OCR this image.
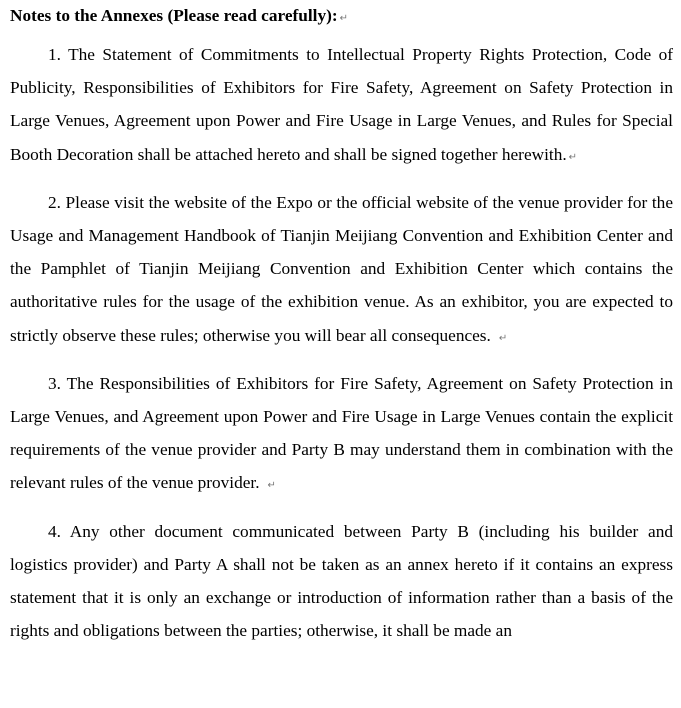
Notes to the Annexes (Please read carefully): ↵

1. The Statement of Commitments to Intellectual Property Rights Protection, Code of Publicity, Responsibilities of Exhibitors for Fire Safety, Agreement on Safety Protection in Large Venues, Agreement upon Power and Fire Usage in Large Venues, and Rules for Special Booth Decoration shall be attached hereto and shall be signed together herewith. ↵

2. Please visit the website of the Expo or the official website of the venue provider for the Usage and Management Handbook of Tianjin Meijiang Convention and Exhibition Center and the Pamphlet of Tianjin Meijiang Convention and Exhibition Center which contains the authoritative rules for the usage of the exhibition venue. As an exhibitor, you are expected to strictly observe these rules; otherwise you will bear all consequences. ↵

3. The Responsibilities of Exhibitors for Fire Safety, Agreement on Safety Protection in Large Venues, and Agreement upon Power and Fire Usage in Large Venues contain the explicit requirements of the venue provider and Party B may understand them in combination with the relevant rules of the venue provider. ↵

4. Any other document communicated between Party B (including his builder and logistics provider) and Party A shall not be taken as an annex hereto if it contains an express statement that it is only an exchange or introduction of information rather than a basis of the rights and obligations between the parties; otherwise, it shall be made an
